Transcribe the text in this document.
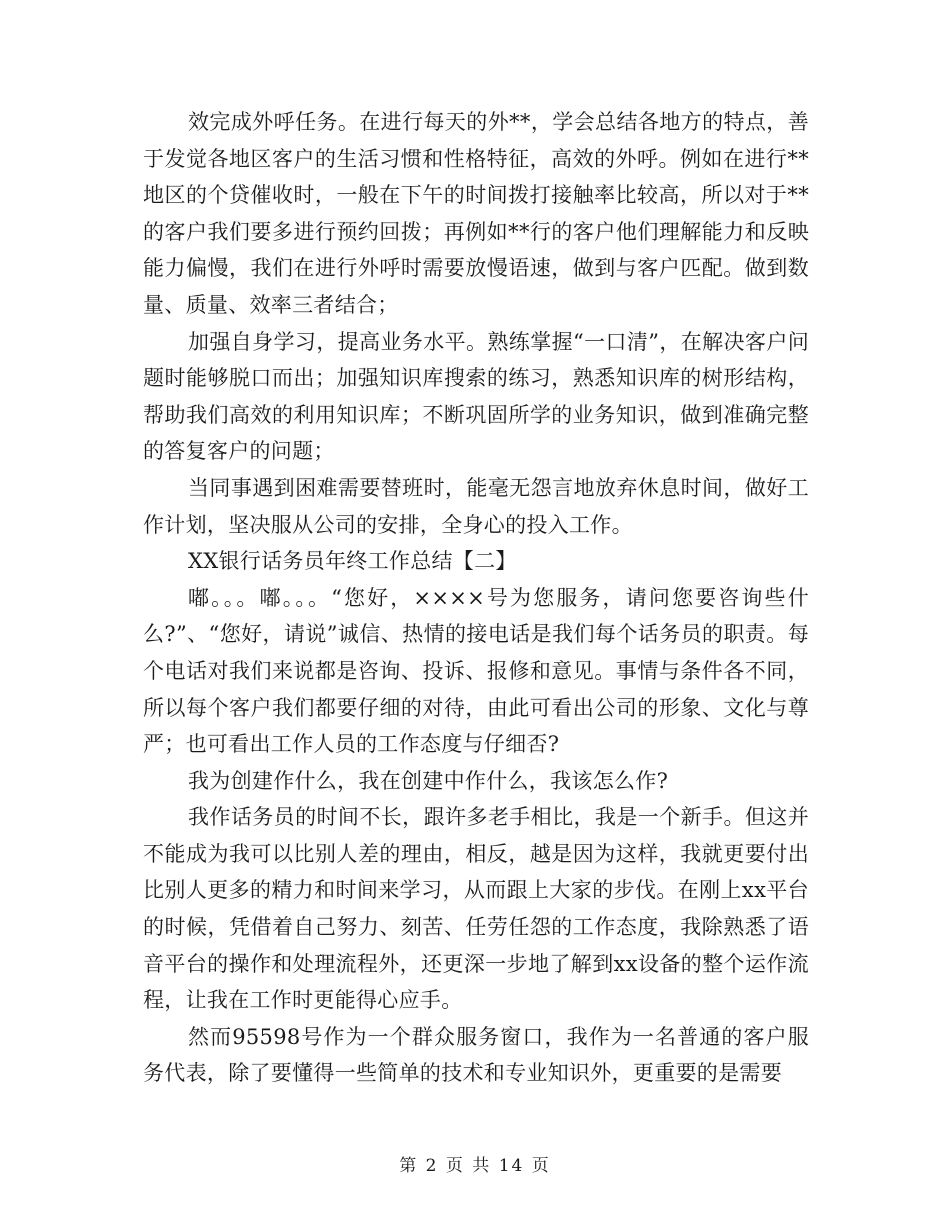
效完成外呼任务。在进行每天的外**，学会总结各地方的特点，善于发觉各地区客户的生活习惯和性格特征，高效的外呼。例如在进行**地区的个贷催收时，一般在下午的时间拨打接触率比较高，所以对于**的客户我们要多进行预约回拨；再例如**行的客户他们理解能力和反映能力偏慢，我们在进行外呼时需要放慢语速，做到与客户匹配。做到数量、质量、效率三者结合；

加强自身学习，提高业务水平。熟练掌握“一口清”，在解决客户问题时能够脱口而出；加强知识库搜索的练习，熟悉知识库的树形结构，帮助我们高效的利用知识库；不断巩固所学的业务知识，做到准确完整的答复客户的问题；

当同事遇到困难需要替班时，能毫无怨言地放弃休息时间，做好工作计划，坚决服从公司的安排，全身心的投入工作。

XX银行话务员年终工作总结【二】

嘟。。。嘟。。。“您好，××××号为您服务，请问您要咨询些什么?”、“您好，请说”诚信、热情的接电话是我们每个话务员的职责。每个电话对我们来说都是咨询、投诉、报修和意见。事情与条件各不同，所以每个客户我们都要仔细的对待，由此可看出公司的形象、文化与尊严；也可看出工作人员的工作态度与仔细否?

我为创建作什么，我在创建中作什么，我该怎么作?

我作话务员的时间不长，跟许多老手相比，我是一个新手。但这并不能成为我可以比别人差的理由，相反，越是因为这样，我就更要付出比别人更多的精力和时间来学习，从而跟上大家的步伐。在刚上xx平台的时候，凭借着自己努力、刻苦、任劳任怨的工作态度，我除熟悉了语音平台的操作和处理流程外，还更深一步地了解到xx设备的整个运作流程，让我在工作时更能得心应手。

然而95598号作为一个群众服务窗口，我作为一名普通的客户服务代表，除了要懂得一些简单的技术和专业知识外，更重要的是需要

第 2 页 共 14 页
